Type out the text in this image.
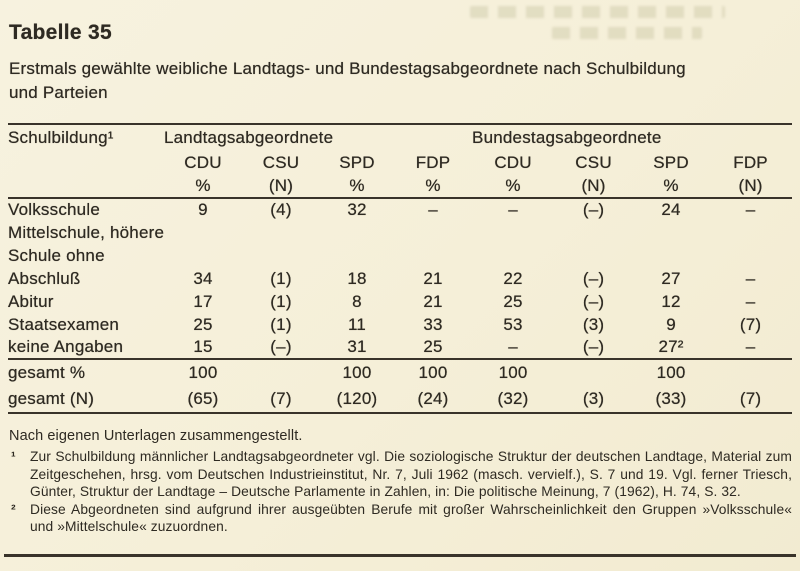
Tabelle 35

Erstmals gewählte weibliche Landtags- und Bundestagsabgeordnete nach Schulbildung und Parteien

Schulbildung¹	Landtagsabgeordnete				Bundestagsabgeordnete			
	CDU	CSU	SPD	FDP	CDU	CSU	SPD	FDP
	%	(N)	%	%	%	(N)	%	(N)
Volksschule	9	(4)	32	–	–	(–)	24	–
Mittelschule, höhere								
Schule ohne								
Abschluß	34	(1)	18	21	22	(–)	27	–
Abitur	17	(1)	8	21	25	(–)	12	–
Staatsexamen	25	(1)	11	33	53	(3)	9	(7)
keine Angaben	15	(–)	31	25	–	(–)	27²	–
gesamt %	100		100	100	100		100	
gesamt (N)	(65)	(7)	(120)	(24)	(32)	(3)	(33)	(7)

Nach eigenen Unterlagen zusammengestellt.

¹ Zur Schulbildung männlicher Landtagsabgeordneter vgl. Die soziologische Struktur der deutschen Landtage, Material zum Zeitgeschehen, hrsg. vom Deutschen Industrieinstitut, Nr. 7, Juli 1962 (masch. vervielf.), S. 7 und 19. Vgl. ferner Triesch, Günter, Struktur der Landtage – Deutsche Parlamente in Zahlen, in: Die politische Meinung, 7 (1962), H. 74, S. 32.

² Diese Abgeordneten sind aufgrund ihrer ausgeübten Berufe mit großer Wahrscheinlichkeit den Gruppen »Volksschule« und »Mittelschule« zuzuordnen.
